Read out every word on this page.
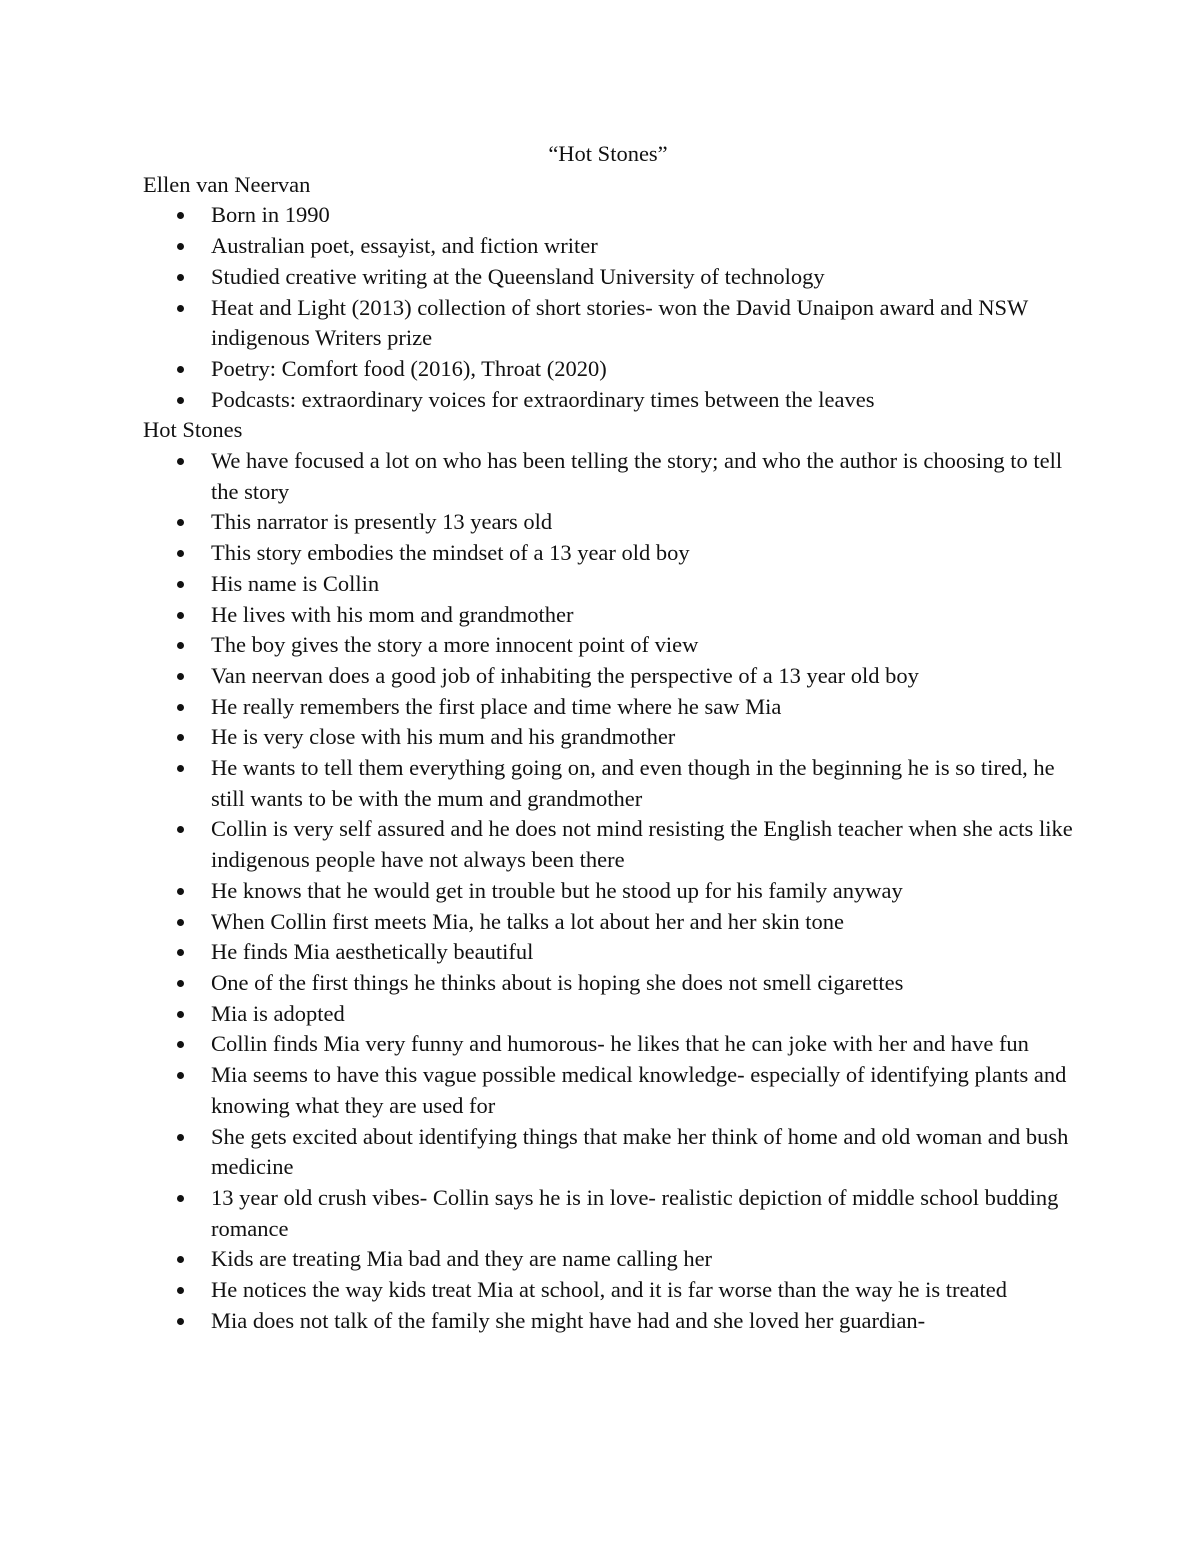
“Hot Stones”

Ellen van Neervan

Born in 1990
Australian poet, essayist, and fiction writer
Studied creative writing at the Queensland University of technology
Heat and Light (2013) collection of short stories- won the David Unaipon award and NSW indigenous Writers prize
Poetry: Comfort food (2016), Throat (2020)
Podcasts: extraordinary voices for extraordinary times between the leaves

Hot Stones

We have focused a lot on who has been telling the story; and who the author is choosing to tell the story
This narrator is presently 13 years old
This story embodies the mindset of a 13 year old boy
His name is Collin
He lives with his mom and grandmother
The boy gives the story a more innocent point of view
Van neervan does a good job of inhabiting the perspective of a 13 year old boy
He really remembers the first place and time where he saw Mia
He is very close with his mum and his grandmother
He wants to tell them everything going on, and even though in the beginning he is so tired, he still wants to be with the mum and grandmother
Collin is very self assured and he does not mind resisting the English teacher when she acts like indigenous people have not always been there
He knows that he would get in trouble but he stood up for his family anyway
When Collin first meets Mia, he talks a lot about her and her skin tone
He finds Mia aesthetically beautiful
One of the first things he thinks about is hoping she does not smell cigarettes
Mia is adopted
Collin finds Mia very funny and humorous- he likes that he can joke with her and have fun
Mia seems to have this vague possible medical knowledge- especially of identifying plants and knowing what they are used for
She gets excited about identifying things that make her think of home and old woman and bush medicine
13 year old crush vibes- Collin says he is in love- realistic depiction of middle school budding romance
Kids are treating Mia bad and they are name calling her
He notices the way kids treat Mia at school, and it is far worse than the way he is treated
Mia does not talk of the family she might have had and she loved her guardian-
